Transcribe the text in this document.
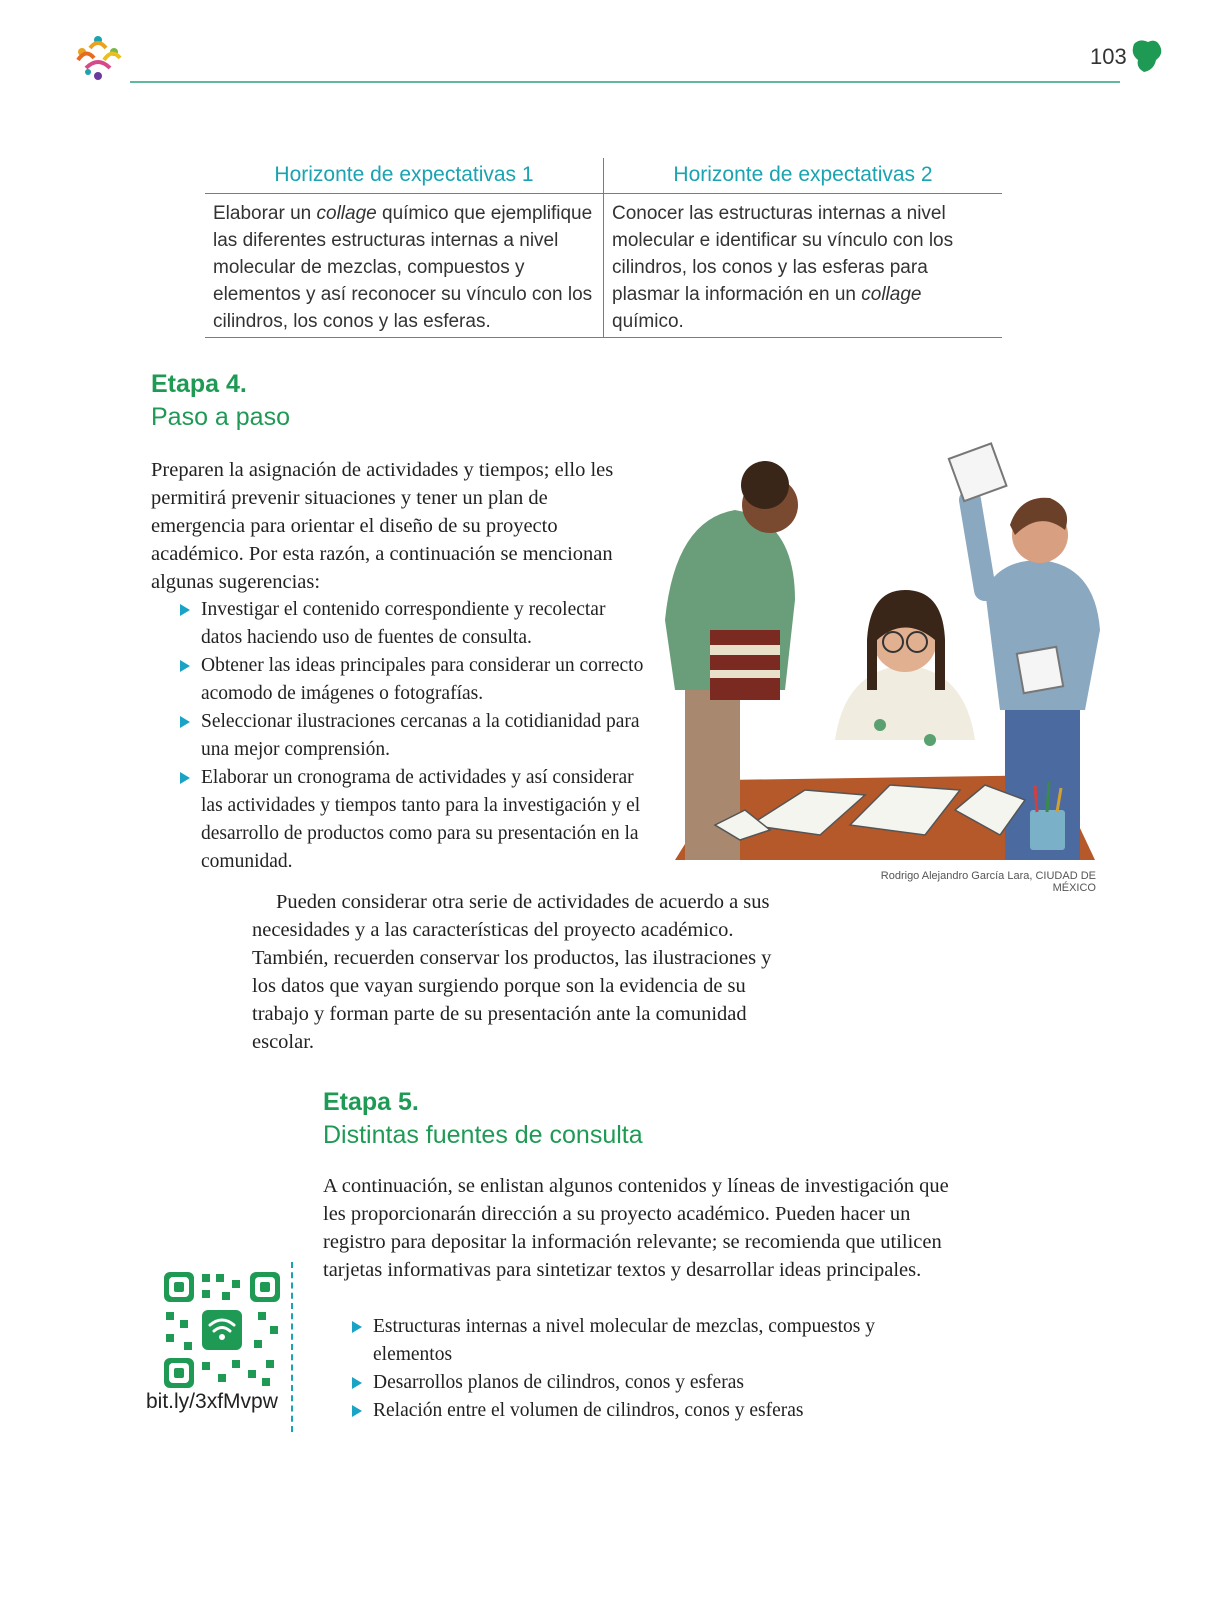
103
Horizonte de expectativas 1	Horizonte de expectativas 2
Elaborar un collage químico que ejemplifique las diferentes estructuras internas a nivel molecular de mezclas, compuestos y elementos y así reconocer su vínculo con los cilindros, los conos y las esferas.	Conocer las estructuras internas a nivel molecular e identificar su vínculo con los cilindros, los conos y las esferas para plasmar la información en un collage químico.
Etapa 4.
Paso a paso
Preparen la asignación de actividades y tiempos; ello les permitirá prevenir situaciones y tener un plan de emergencia para orientar el diseño de su proyecto académico. Por esta razón, a continuación se mencionan algunas sugerencias:
Investigar el contenido correspondiente y recolectar datos haciendo uso de fuentes de consulta.
Obtener las ideas principales para considerar un correcto acomodo de imágenes o fotografías.
Seleccionar ilustraciones cercanas a la cotidianidad para una mejor comprensión.
Elaborar un cronograma de actividades y así considerar las actividades y tiempos tanto para la investigación y el desarrollo de productos como para su presentación en la comunidad.
Rodrigo Alejandro García Lara, CIUDAD DE MÉXICO
Pueden considerar otra serie de actividades de acuerdo a sus necesidades y a las características del proyecto académico. También, recuerden conservar los productos, las ilustraciones y los datos que vayan surgiendo porque son la evidencia de su trabajo y forman parte de su presentación ante la comunidad escolar.
Etapa 5.
Distintas fuentes de consulta
A continuación, se enlistan algunos contenidos y líneas de investigación que les proporcionarán dirección a su proyecto académico. Pueden hacer un registro para depositar la información relevante; se recomienda que utilicen tarjetas informativas para sintetizar textos y desarrollar ideas principales.
Estructuras internas a nivel molecular de mezclas, compuestos y elementos
Desarrollos planos de cilindros, conos y esferas
Relación entre el volumen de cilindros, conos y esferas
bit.ly/3xfMvpw
